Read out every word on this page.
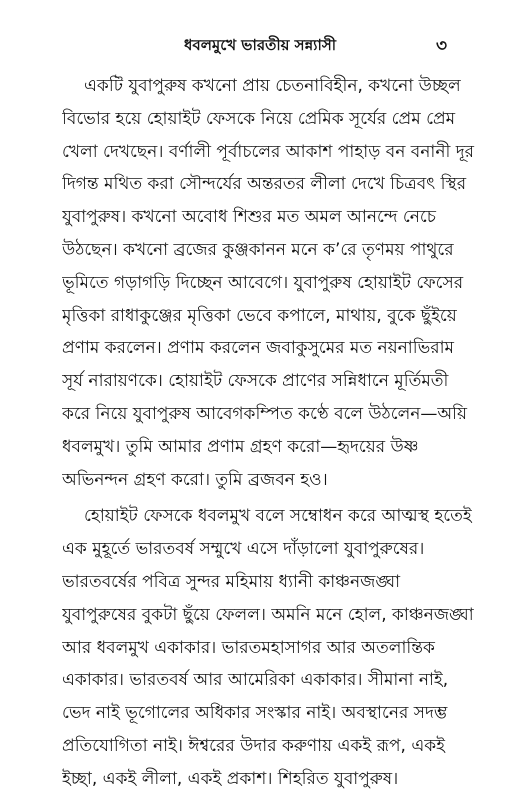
ধবলমুখে ভারতীয় সন্ন্যাসী	৩
একটি যুবাপুরুষ কখনো প্রায় চেতনাবিহীন, কখনো উচ্ছল
বিভোর হয়ে হোয়াইট ফেসকে নিয়ে প্রেমিক সূর্যের প্রেম প্রেম
খেলা দেখছেন। বর্ণালী পূর্বাচলের আকাশ পাহাড় বন বনানী দূর
দিগন্ত মথিত করা সৌন্দর্যের অন্তরতর লীলা দেখে চিত্রবৎ স্থির
যুবাপুরুষ। কখনো অবোধ শিশুর মত অমল আনন্দে নেচে
উঠছেন। কখনো ব্রজের কুঞ্জকানন মনে ক’রে তৃণময় পাথুরে
ভূমিতে গড়াগড়ি দিচ্ছেন আবেগে। যুবাপুরুষ হোয়াইট ফেসের
মৃত্তিকা রাধাকুঞ্জের মৃত্তিকা ভেবে কপালে, মাথায়, বুকে ছুঁইয়ে
প্রণাম করলেন। প্রণাম করলেন জবাকুসুমের মত নয়নাভিরাম
সূর্য নারায়ণকে। হোয়াইট ফেসকে প্রাণের সন্নিধানে মূর্তিমতী
করে নিয়ে যুবাপুরুষ আবেগকম্পিত কণ্ঠে বলে উঠলেন—অয়ি
ধবলমুখ। তুমি আমার প্রণাম গ্রহণ করো—হৃদয়ের উষ্ণ
অভিনন্দন গ্রহণ করো। তুমি ব্রজবন হও।
হোয়াইট ফেসকে ধবলমুখ বলে সম্বোধন করে আত্মস্থ হতেই
এক মুহূর্তে ভারতবর্ষ সম্মুখে এসে দাঁড়ালো যুবাপুরুষের।
ভারতবর্ষের পবিত্র সুন্দর মহিমায় ধ্যানী কাঞ্চনজঙ্ঘা
যুবাপুরুষের বুকটা ছুঁয়ে ফেলল। অমনি মনে হোল, কাঞ্চনজঙ্ঘা
আর ধবলমুখ একাকার। ভারতমহাসাগর আর অতলান্তিক
একাকার। ভারতবর্ষ আর আমেরিকা একাকার। সীমানা নাই,
ভেদ নাই ভূগোলের অধিকার সংস্কার নাই। অবস্থানের সদম্ভ
প্রতিযোগিতা নাই। ঈশ্বরের উদার করুণায় একই রূপ, একই
ইচ্ছা, একই লীলা, একই প্রকাশ। শিহরিত যুবাপুরুষ।
